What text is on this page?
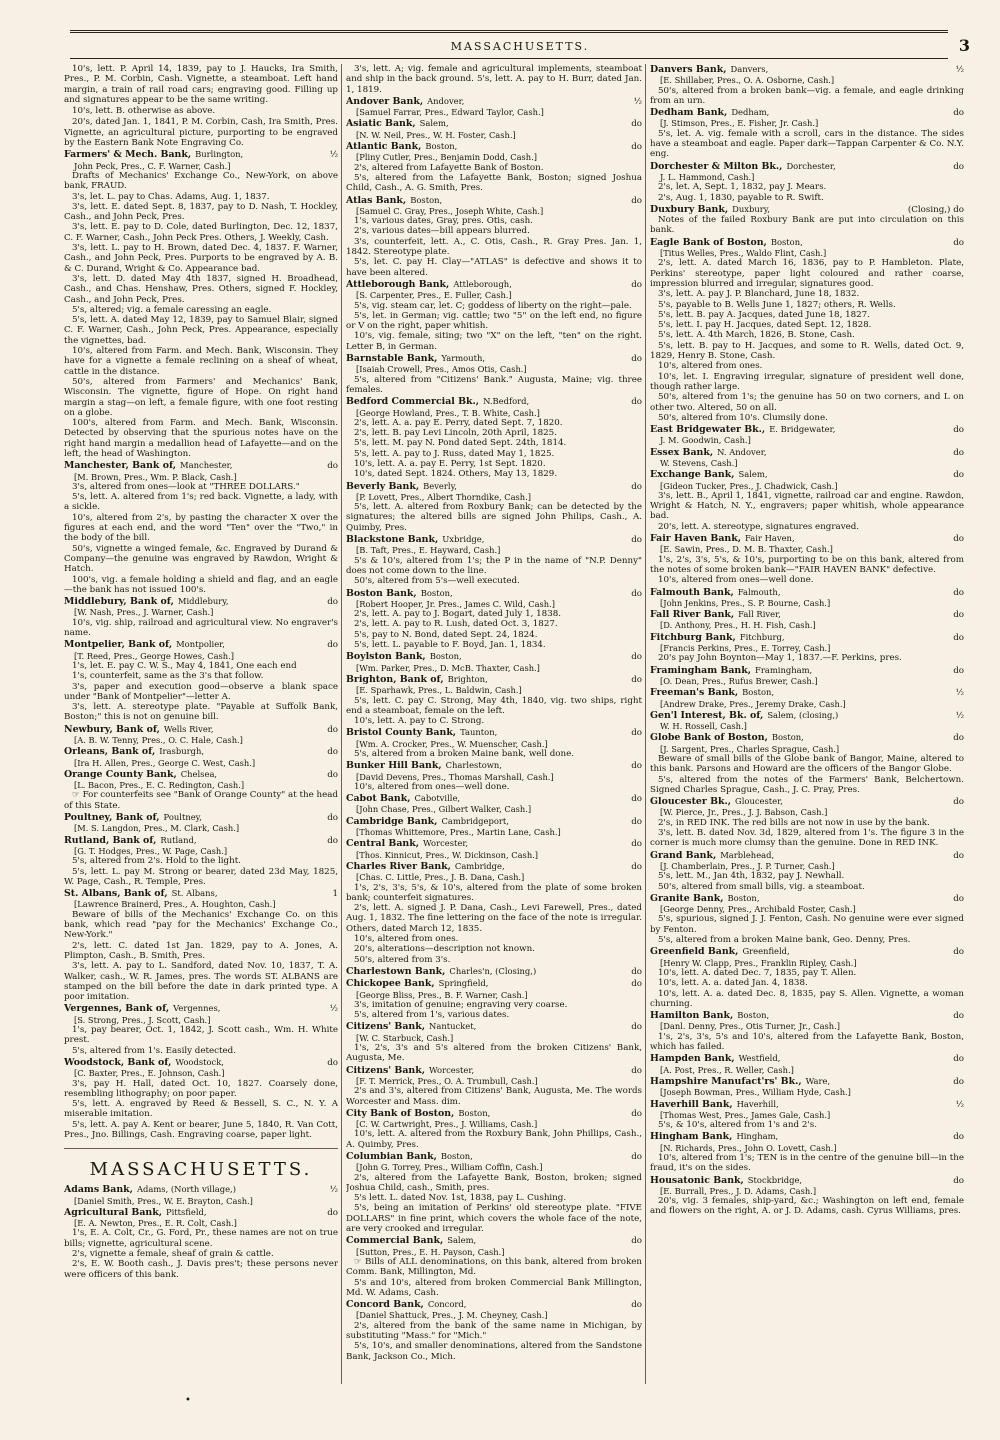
MASSACHUSETTS.	3
10's, lett. P. April 14, 1839, pay to J. Haucks, Ira Smith, Pres., P. M. Corbin, Cash. Vignette, a steamboat. Left hand margin, a train of rail road cars; engraving good. Filling up and signatures appear to be the same writing.
10's, lett. B. otherwise as above.
20's, dated Jan. 1, 1841, P. M. Corbin, Cash, Ira Smith, Pres. Vignette, an agricultural picture, purporting to be engraved by the Eastern Bank Note Engraving Co.
Farmers' & Mech. Bank, Burlington,	½
John Peck, Pres., C. F. Warner, Cash.]
Drafts of Mechanics' Exchange Co., New-York, on above bank, FRAUD.
3's, let. L. pay to Chas. Adams, Aug. 1, 1837.
3's, lett. E. dated Sept. 8, 1837, pay to D. Nash, T. Hockley, Cash., and John Peck, Pres.
3's, lett. E. pay to D. Cole, dated Burlington, Dec. 12, 1837, C. F. Warner, Cash., John Peck Pres. Others, J. Weekly, Cash.
3's, lett. L. pay to H. Brown, dated Dec. 4, 1837. F. Warner, Cash., and John Peck, Pres. Purports to be engraved by A. B. & C. Durand, Wright & Co. Appearance bad.
3's, lett. D. dated May 4th 1837, signed H. Broadhead, Cash., and Chas. Henshaw, Pres. Others, signed F. Hockley, Cash., and John Peck, Pres.
5's, altered; vig. a female caressing an eagle.
5's, lett. A. dated May 12, 1839, pay to Samuel Blair, signed C. F. Warner, Cash., John Peck, Pres. Appearance, especially the vignettes, bad.
10's, altered from Farm. and Mech. Bank, Wisconsin. They have for a vignette a female reclining on a sheaf of wheat, cattle in the distance.
50's, altered from Farmers' and Mechanics' Bank, Wisconsin. The vignette, figure of Hope. On right hand margin a stag—on left, a female figure, with one foot resting on a globe.
100's, altered from Farm. and Mech. Bank, Wisconsin. Detected by observing that the spurious notes have on the right hand margin a medallion head of Lafayette—and on the left, the head of Washington.
Manchester, Bank of, Manchester,	do
[M. Brown, Pres., Wm. P. Black, Cash.]
3's, altered from ones—look at "THREE DOLLARS."
5's, lett. A. altered from 1's; red back. Vignette, a lady, with a sickle.
10's, altered from 2's, by pasting the character X over the figures at each end, and the word "Ten" over the "Two," in the body of the bill.
50's, vignette a winged female, &c. Engraved by Durand & Company—the genuine was engraved by Rawdon, Wright & Hatch.
100's, vig. a female holding a shield and flag, and an eagle—the bank has not issued 100's.
Middlebury, Bank of, Middlebury,	do
[W. Nash, Pres., J. Warner, Cash.]
10's, vig. ship, railroad and agricultural view. No engraver's name.
Montpelier, Bank of, Montpolier,	do
[T. Reed, Pres., George Howes, Cash.]
1's, let. E. pay C. W. S., May 4, 1841, One each end
1's, counterfeit, same as the 3's that follow.
3's, paper and execution good—observe a blank space under "Bank of Montpelier"—letter A.
3's, lett. A. stereotype plate. "Payable at Suffolk Bank, Boston;" this is not on genuine bill.
Newbury, Bank of, Wells River,	do
[A. B. W. Tenny, Pres., O. C. Hale, Cash.]
Orleans, Bank of, Irasburgh,	do
[Ira H. Allen, Pres., George C. West, Cash.]
Orange County Bank, Chelsea,	do
[L. Bacon, Pres., E. C. Redington, Cash.]
☞ For counterfeits see "Bank of Orange County" at the head of this State.
Poultney, Bank of, Poultney,	do
[M. S. Langdon, Pres., M. Clark, Cash.]
Rutland, Bank of, Rutland,	do
[G. T. Hodges, Pres., W. Page, Cash.]
5's, altered from 2's. Hold to the light.
5's, lett. L. pay M. Strong or bearer, dated 23d May, 1825, W. Page, Cash., R. Temple, Pres.
St. Albans, Bank of, St. Albans,	1
[Lawrence Brainerd, Pres., A. Houghton, Cash.]
Beware of bills of the Mechanics' Exchange Co. on this bank, which read "pay for the Mechanics' Exchange Co., New-York."
2's, lett. C. dated 1st Jan. 1829, pay to A. Jones, A. Plimpton, Cash., B. Smith, Pres.
3's, lett. A. pay to L. Sandford, dated Nov. 10, 1837, T. A. Walker, cash., W. R. James, pres. The words ST. ALBANS are stamped on the bill before the date in dark printed type. A poor imitation.
Vergennes, Bank of, Vergennes,	½
[S. Strong, Pres., J. Scott, Cash.]
1's, pay bearer, Oct. 1, 1842, J. Scott cash., Wm. H. White prest.
5's, altered from 1's. Easily detected.
Woodstock, Bank of, Woodstock,	do
[C. Baxter, Pres., E. Johnson, Cash.]
3's, pay H. Hall, dated Oct. 10, 1827. Coarsely done, resembling lithography; on poor paper.
5's, lett. A. engraved by Reed & Bessell, S. C., N. Y. A miserable imitation.
5's, lett. A. pay A. Kent or bearer, June 5, 1840, R. Van Cott, Pres., Jno. Billings, Cash. Engraving coarse, paper light.
MASSACHUSETTS.
Adams Bank, Adams, (North village,)	½
[Daniel Smith, Pres., W. E. Brayton, Cash.]
Agricultural Bank, Pittsfield,	do
[E. A. Newton, Pres., E. R. Colt, Cash.]
1's, E. A. Colt, Cr., G. Ford, Pr., these names are not on true bills; vignette, agricultural scene.
2's, vignette a female, sheaf of grain & cattle.
2's, E. W. Booth cash., J. Davis pres't; these persons never were officers of this bank.
3's, lett. A; vig. female and agricultural implements, steamboat and ship in the back ground. 5's, lett. A. pay to H. Burr, dated Jan. 1, 1819.
Andover Bank, Andover,	½
[Samuel Farrar, Pres., Edward Taylor, Cash.]
Asiatic Bank, Salem,	do
[N. W. Neil, Pres., W. H. Foster, Cash.]
Atlantic Bank, Boston,	do
[Pliny Cutler, Pres., Benjamin Dodd, Cash.]
2's, altered from Lafayette Bank of Boston.
5's, altered from the Lafayette Bank, Boston; signed Joshua Child, Cash., A. G. Smith, Pres.
Atlas Bank, Boston,	do
[Samuel C. Gray, Pres., Joseph White, Cash.]
1's, various dates, Gray, pres. Otis, cash.
2's, various dates—bill appears blurred.
3's, counterfeit, lett. A., C. Otis, Cash., R. Gray Pres. Jan. 1, 1842. Stereotype plate.
5's, let. C. pay H. Clay—"ATLAS" is defective and shows it to have been altered.
Attleborough Bank, Attleborough,	do
[S. Carpenter, Pres., E. Fuller, Cash.]
5's, vig. steam car, let. C; goddess of liberty on the right—pale.
5's, let. in German; vig. cattle; two "5" on the left end, no figure or V on the right, paper whitish.
10's, vig. female, siting; two "X" on the left, "ten" on the right. Letter B, in German.
Barnstable Bank, Yarmouth,	do
[Isaiah Crowell, Pres., Amos Otis, Cash.]
5's, altered from "Citizens' Bank." Augusta, Maine; vig. three females.
Bedford Commercial Bk., N.Bedford,	do
[George Howland, Pres., T. B. White, Cash.]
2's, lett. A. a. pay E. Perry, dated Sept. 7, 1820.
2's, lett. B. pay Levi Lincoln, 20th April, 1825.
5's, lett. M. pay N. Pond dated Sept. 24th, 1814.
5's, lett. A. pay to J. Russ, dated May 1, 1825.
10's, lett. A. a. pay E. Perry, 1st Sept. 1820.
10's, dated Sept. 1824. Others, May 13, 1829.
Beverly Bank, Beverly,	do
[P. Lovett, Pres., Albert Thorndike, Cash.]
5's, lett. A. altered from Roxbury Bank; can be detected by the signatures; the altered bills are signed John Philips, Cash., A. Quimby, Pres.
Blackstone Bank, Uxbridge,	do
[B. Taft, Pres., E. Hayward, Cash.]
5's & 10's, altered from 1's; the P in the name of "N.P. Denny" does not come down to the line.
50's, altered from 5's—well executed.
Boston Bank, Boston,	do
[Robert Hooper, Jr. Pres., James C. Wild, Cash.]
2's, lett. A. pay to J. Bogart, dated July 1, 1838.
2's, lett. A. pay to R. Lush, dated Oct. 3, 1827.
5's, pay to N. Bond, dated Sept. 24, 1824.
5's, lett. L. payable to F. Boyd, Jan. 1, 1834.
Boylston Bank, Boston,	do
[Wm. Parker, Pres., D. McB. Thaxter, Cash.]
Brighton, Bank of, Brighton,	do
[E. Sparhawk, Pres., L. Baldwin, Cash.]
5's, lett. C. pay C. Strong, May 4th, 1840, vig. two ships, right end a steamboat, female on the left.
10's, lett. A. pay to C. Strong.
Bristol County Bank, Taunton,	do
[Wm. A. Crocker, Pres., W. Muenscher, Cash.]
5's, altered from a broken Maine bank, well done.
Bunker Hill Bank, Charlestown,	do
[David Devens, Pres., Thomas Marshall, Cash.]
10's, altered from ones—well done.
Cabot Bank, Cabotville,	do
[John Chase, Pres., Gilbert Walker, Cash.]
Cambridge Bank, Cambridgeport,	do
[Thomas Whittemore, Pres., Martin Lane, Cash.]
Central Bank, Worcester,	do
[Thos. Kinnicut, Pres., W. Dickinson, Cash.]
Charles River Bank, Cambridge,	do
[Chas. C. Little, Pres., J. B. Dana, Cash.]
1's, 2's, 3's, 5's, & 10's, altered from the plate of some broken bank; counterfeit signatures.
2's, lett. A. signed J. P. Dana, Cash., Levi Farewell, Pres., dated Aug. 1, 1832. The fine lettering on the face of the note is irregular. Others, dated March 12, 1835.
10's, altered from ones.
20's, alterations—description not known.
50's, altered from 3's.
Charlestown Bank, Charles'n, (Closing,)	do
Chickopee Bank, Springfield,	do
[George Bliss, Pres., B. F. Warner, Cash.]
3's, imitation of genuine; engraving very coarse.
5's, altered from 1's, various dates.
Citizens' Bank, Nantucket,	do
[W. C. Starbuck, Cash.]
1's, 2's, 3's and 5's altered from the broken Citizens' Bank, Augusta, Me.
Citizens' Bank, Worcester,	do
[F. T. Merrick, Pres., O. A. Trumbull, Cash.]
2's and 3's, altered from Citizens' Bank, Augusta, Me. The words Worcester and Mass. dim.
City Bank of Boston, Boston,	do
[C. W. Cartwright, Pres., J. Williams, Cash.]
10's, lett. A. altered from the Roxbury Bank, John Phillips, Cash., A. Quimby, Pres.
Columbian Bank, Boston,	do
[John G. Torrey, Pres., William Coffin, Cash.]
2's, altered from the Lafayette Bank, Boston, broken; signed Joshua Child, cash., Smith, pres.
5's lett. L. dated Nov. 1st, 1838, pay L. Cushing.
5's, being an imitation of Perkins' old stereotype plate. "FIVE DOLLARS" in fine print, which covers the whole face of the note, are very crooked and irregular.
Commercial Bank, Salem,	do
[Sutton, Pres., E. H. Payson, Cash.]
☞ Bills of ALL denominations, on this bank, altered from broken Comm. Bank, Millington, Md.
5's and 10's, altered from broken Commercial Bank Millington, Md. W. Adams, Cash.
Concord Bank, Concord,	do
[Daniel Shattuck, Pres., J. M. Cheyney, Cash.]
2's, altered from the bank of the same name in Michigan, by substituting "Mass." for "Mich."
5's, 10's, and smaller denominations, altered from the Sandstone Bank, Jackson Co., Mich.
Danvers Bank, Danvers,	½
[E. Shillaber, Pres., O. A. Osborne, Cash.]
50's, altered from a broken bank—vig. a female, and eagle drinking from an urn.
Dedham Bank, Dedham,	do
[J. Stimson, Pres., E. Fisher, Jr. Cash.]
5's, let. A. vig. female with a scroll, cars in the distance. The sides have a steamboat and eagle. Paper dark—Tappan Carpenter & Co. N.Y. eng.
Dorchester & Milton Bk., Dorchester,	do
J. L. Hammond, Cash.]
2's, let. A, Sept. 1, 1832, pay J. Mears.
2's, Aug. 1, 1830, payable to R. Swift.
Duxbury Bank, Duxbury,	(Closing,) do
Notes of the failed Roxbury Bank are put into circulation on this bank.
Eagle Bank of Boston, Boston,	do
[Titus Welles, Pres., Waldo Flint, Cash.]
2's, lett. A. dated March 16, 1836, pay to P. Hambleton. Plate, Perkins' stereotype, paper light coloured and rather coarse, impression blurred and irregular, signatures good.
3's, lett. A. pay J. P. Blanchard, June 18, 1832.
5's, payable to B. Wells June 1, 1827; others, R. Wells.
5's, lett. B. pay A. Jacques, dated June 18, 1827.
5's, lett. I. pay H. Jacques, dated Sept. 12, 1828.
5's, lett. A. 4th March, 1826, B. Stone, Cash.
5's, lett. B. pay to H. Jacques, and some to R. Wells, dated Oct. 9, 1829, Henry B. Stone, Cash.
10's, altered from ones.
10's, let. I. Engraving irregular, signature of president well done, though rather large.
50's, altered from 1's; the genuine has 50 on two corners, and L on other two. Altered, 50 on all.
50's, altered from 10's. Clumsily done.
East Bridgewater Bk., E. Bridgewater,	do
J. M. Goodwin, Cash.]
Essex Bank, N. Andover,	do
W. Stevens, Cash.]
Exchange Bank, Salem,	do
[Gideon Tucker, Pres., J. Chadwick, Cash.]
3's, lett. B., April 1, 1841, vignette, railroad car and engine. Rawdon, Wright & Hatch, N. Y., engravers; paper whitish, whole appearance bad.
20's, lett. A. stereotype, signatures engraved.
Fair Haven Bank, Fair Haven,	do
[E. Sawin, Pres., D. M. B. Thaxter, Cash.]
1's, 2's, 3's, 5's, & 10's, purporting to be on this bank, altered from the notes of some broken bank—"FAIR HAVEN BANK" defective.
10's, altered from ones—well done.
Falmouth Bank, Falmouth,	do
[John Jenkins, Pres., S. P. Bourne, Cash.]
Fall River Bank, Fall River,	do
[D. Anthony, Pres., H. H. Fish, Cash.]
Fitchburg Bank, Fitchburg,	do
[Francis Perkins, Pres., E. Torrey, Cash.]
20's pay John Boynton—May 1, 1837.—F. Perkins, pres.
Framingham Bank, Framingham,	do
[O. Dean, Pres., Rufus Brewer, Cash.]
Freeman's Bank, Boston,	½
[Andrew Drake, Pres., Jeremy Drake, Cash.]
Gen'l Interest, Bk. of, Salem, (closing,)	½
W. H. Rossell, Cash.]
Globe Bank of Boston, Boston,	do
[J. Sargent, Pres., Charles Sprague, Cash.]
Beware of small bills of the Globe bank of Bangor, Maine, altered to this bank. Parsons and Howard are the officers of the Bangor Globe.
5's, altered from the notes of the Farmers' Bank, Belchertown. Signed Charles Sprague, Cash., J. C. Pray, Pres.
Gloucester Bk., Gloucester,	do
[W. Pierce, Jr., Pres., J. J. Babson, Cash.]
2's, in RED INK. The red bills are not now in use by the bank.
3's, lett. B. dated Nov. 3d, 1829, altered from 1's. The figure 3 in the corner is much more clumsy than the genuine. Done in RED INK.
Grand Bank, Marblehead,	do
[J. Chamberlain, Pres., J. P. Turner, Cash.]
5's, lett. M., Jan 4th, 1832, pay J. Newhall.
50's, altered from small bills, vig. a steamboat.
Granite Bank, Boston,	do
[George Denny, Pres., Archibald Foster, Cash.]
5's, spurious, signed J. J. Fenton, Cash. No genuine were ever signed by Fenton.
5's, altered from a broken Maine bank, Geo. Denny, Pres.
Greenfield Bank, Greenfield,	do
[Henry W. Clapp, Pres., Franklin Ripley, Cash.]
10's, lett. A. dated Dec. 7, 1835, pay T. Allen.
10's, lett. A. a. dated Jan. 4, 1838.
10's, lett. A. a. dated Dec. 8, 1835, pay S. Allen. Vignette, a woman churning.
Hamilton Bank, Boston,	do
[Danl. Denny, Pres., Otis Turner, Jr., Cash.]
1's, 2's, 3's, 5's and 10's, altered from the Lafayette Bank, Boston, which has failed.
Hampden Bank, Westfield,	do
[A. Post, Pres., R. Weller, Cash.]
Hampshire Manufact'rs' Bk., Ware,	do
[Joseph Bowman, Pres., William Hyde, Cash.]
Haverhill Bank, Haverhill,	½
[Thomas West, Pres., James Gale, Cash.]
5's, & 10's, altered from 1's and 2's.
Hingham Bank, Hingham,	do
[N. Richards, Pres., John O. Lovett, Cash.]
10's, altered from 1's; TEN is in the centre of the genuine bill—in the fraud, it's on the sides.
Housatonic Bank, Stockbridge,	do
[E. Burrall, Pres., J. D. Adams, Cash.]
20's, vig. 3 females, ship-yard, &c.; Washington on left end, female and flowers on the right, A. or J. D. Adams, cash. Cyrus Williams, pres.
•
